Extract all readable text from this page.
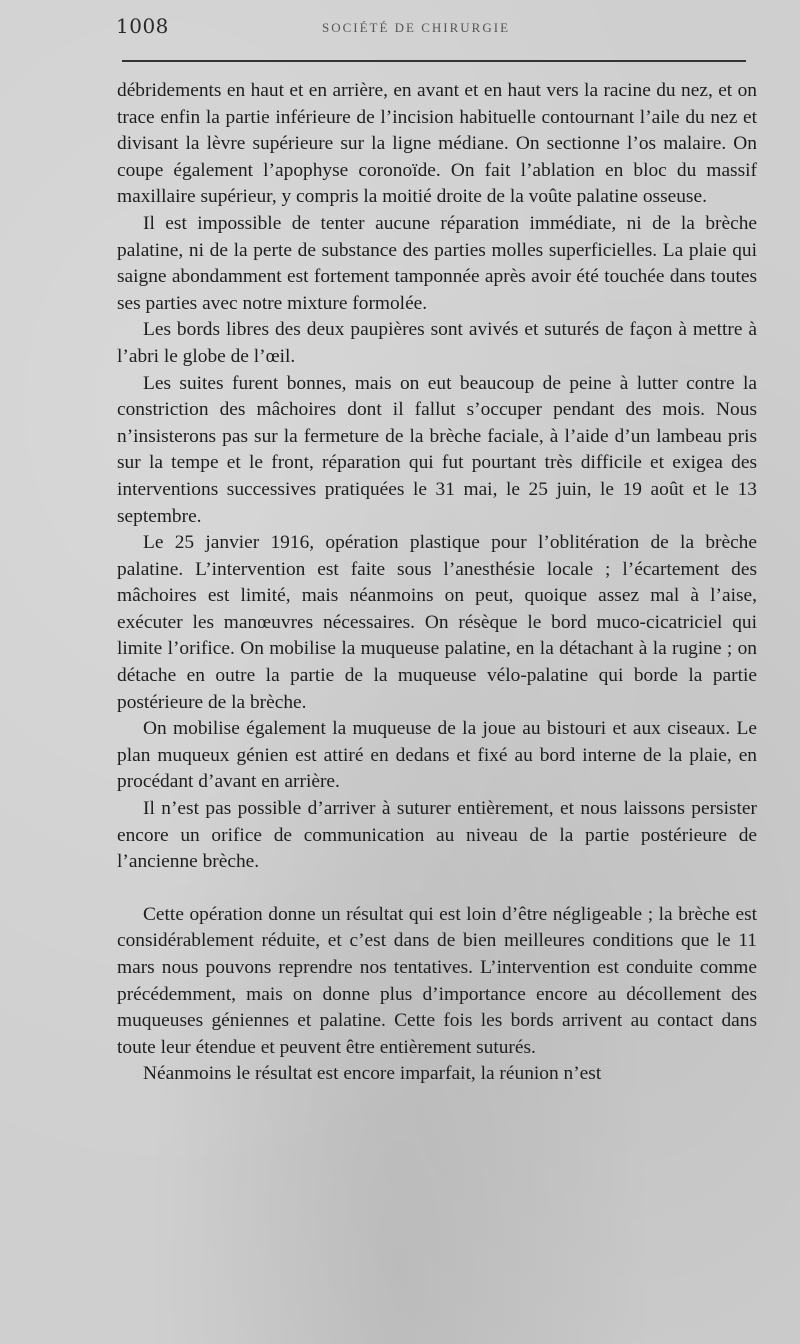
1008	SOCIÉTÉ DE CHIRURGIE

débridements en haut et en arrière, en avant et en haut vers la racine du nez, et on trace enfin la partie inférieure de l’incision habituelle contournant l’aile du nez et divisant la lèvre supérieure sur la ligne médiane. On sectionne l’os malaire. On coupe également l’apophyse coronoïde. On fait l’ablation en bloc du massif maxillaire supérieur, y compris la moitié droite de la voûte palatine osseuse.

Il est impossible de tenter aucune réparation immédiate, ni de la brèche palatine, ni de la perte de substance des parties molles superficielles. La plaie qui saigne abondamment est fortement tamponnée après avoir été touchée dans toutes ses parties avec notre mixture formolée.

Les bords libres des deux paupières sont avivés et suturés de façon à mettre à l’abri le globe de l’œil.

Les suites furent bonnes, mais on eut beaucoup de peine à lutter contre la constriction des mâchoires dont il fallut s’occuper pendant des mois. Nous n’insisterons pas sur la fermeture de la brèche faciale, à l’aide d’un lambeau pris sur la tempe et le front, réparation qui fut pourtant très difficile et exigea des interventions successives pratiquées le 31 mai, le 25 juin, le 19 août et le 13 septembre.

Le 25 janvier 1916, opération plastique pour l’oblitération de la brèche palatine. L’intervention est faite sous l’anesthésie locale ; l’écartement des mâchoires est limité, mais néanmoins on peut, quoique assez mal à l’aise, exécuter les manœuvres nécessaires. On résèque le bord muco-cicatriciel qui limite l’orifice. On mobilise la muqueuse palatine, en la détachant à la rugine ; on détache en outre la partie de la muqueuse vélo-palatine qui borde la partie postérieure de la brèche.

On mobilise également la muqueuse de la joue au bistouri et aux ciseaux. Le plan muqueux génien est attiré en dedans et fixé au bord interne de la plaie, en procédant d’avant en arrière.

Il n’est pas possible d’arriver à suturer entièrement, et nous laissons persister encore un orifice de communication au niveau de la partie postérieure de l’ancienne brèche.

Cette opération donne un résultat qui est loin d’être négligeable ; la brèche est considérablement réduite, et c’est dans de bien meilleures conditions que le 11 mars nous pouvons reprendre nos tentatives. L’intervention est conduite comme précédemment, mais on donne plus d’importance encore au décollement des muqueuses géniennes et palatine. Cette fois les bords arrivent au contact dans toute leur étendue et peuvent être entièrement suturés.

Néanmoins le résultat est encore imparfait, la réunion n’est
